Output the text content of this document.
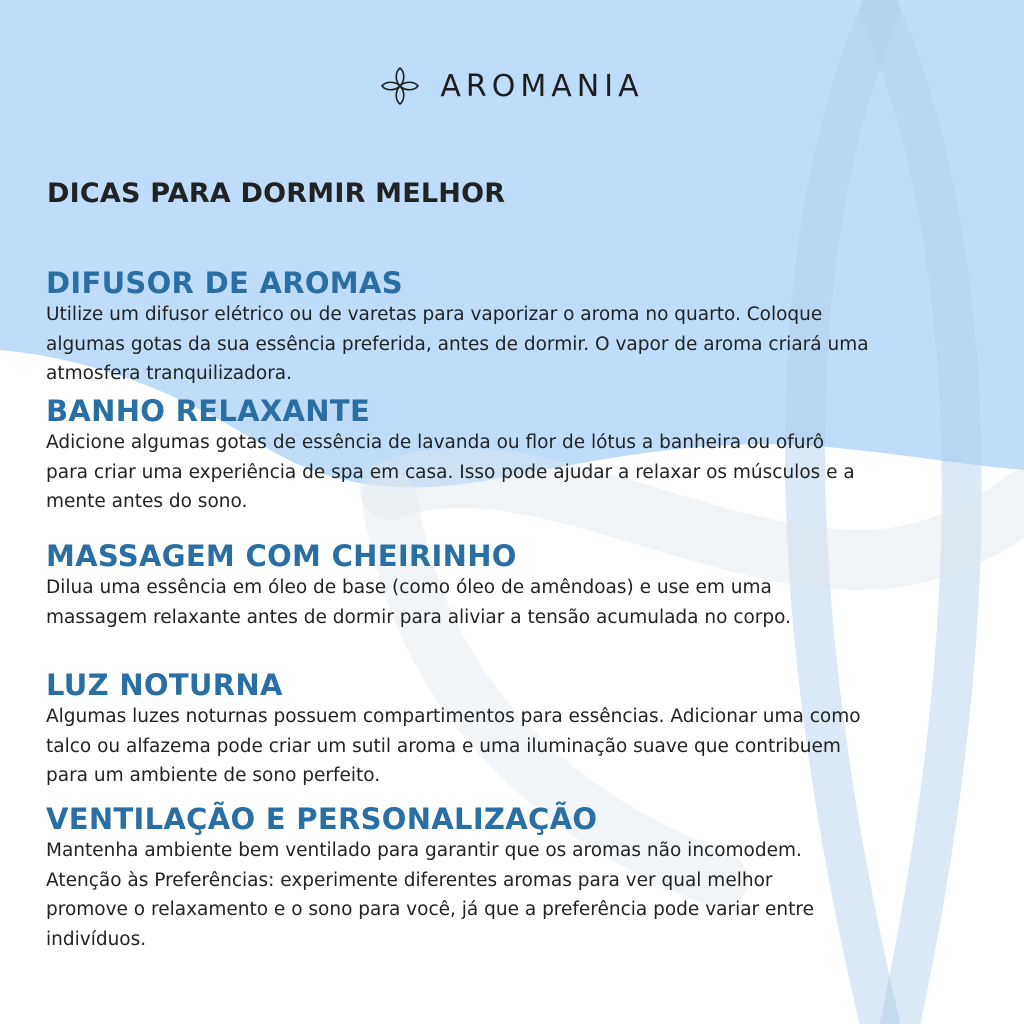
AROMANIA
DICAS PARA DORMIR MELHOR
DIFUSOR DE AROMAS

Utilize um difusor elétrico ou de varetas para vaporizar o aroma no quarto. Coloque

algumas gotas da sua essência preferida, antes de dormir. O vapor de aroma criará uma

atmosfera tranquilizadora.

BANHO RELAXANTE

Adicione algumas gotas de essência de lavanda ou flor de lótus a banheira ou ofurô

para criar uma experiência de spa em casa. Isso pode ajudar a relaxar os músculos e a

mente antes do sono.

MASSAGEM COM CHEIRINHO

Dilua uma essência em óleo de base (como óleo de amêndoas) e use em uma

massagem relaxante antes de dormir para aliviar a tensão acumulada no corpo.

LUZ NOTURNA

Algumas luzes noturnas possuem compartimentos para essências. Adicionar uma como

talco ou alfazema pode criar um sutil aroma e uma iluminação suave que contribuem

para um ambiente de sono perfeito.

VENTILAÇÃO E PERSONALIZAÇÃO

Mantenha ambiente bem ventilado para garantir que os aromas não incomodem.

Atenção às Preferências: experimente diferentes aromas para ver qual melhor

promove o relaxamento e o sono para você, já que a preferência pode variar entre

indivíduos.
